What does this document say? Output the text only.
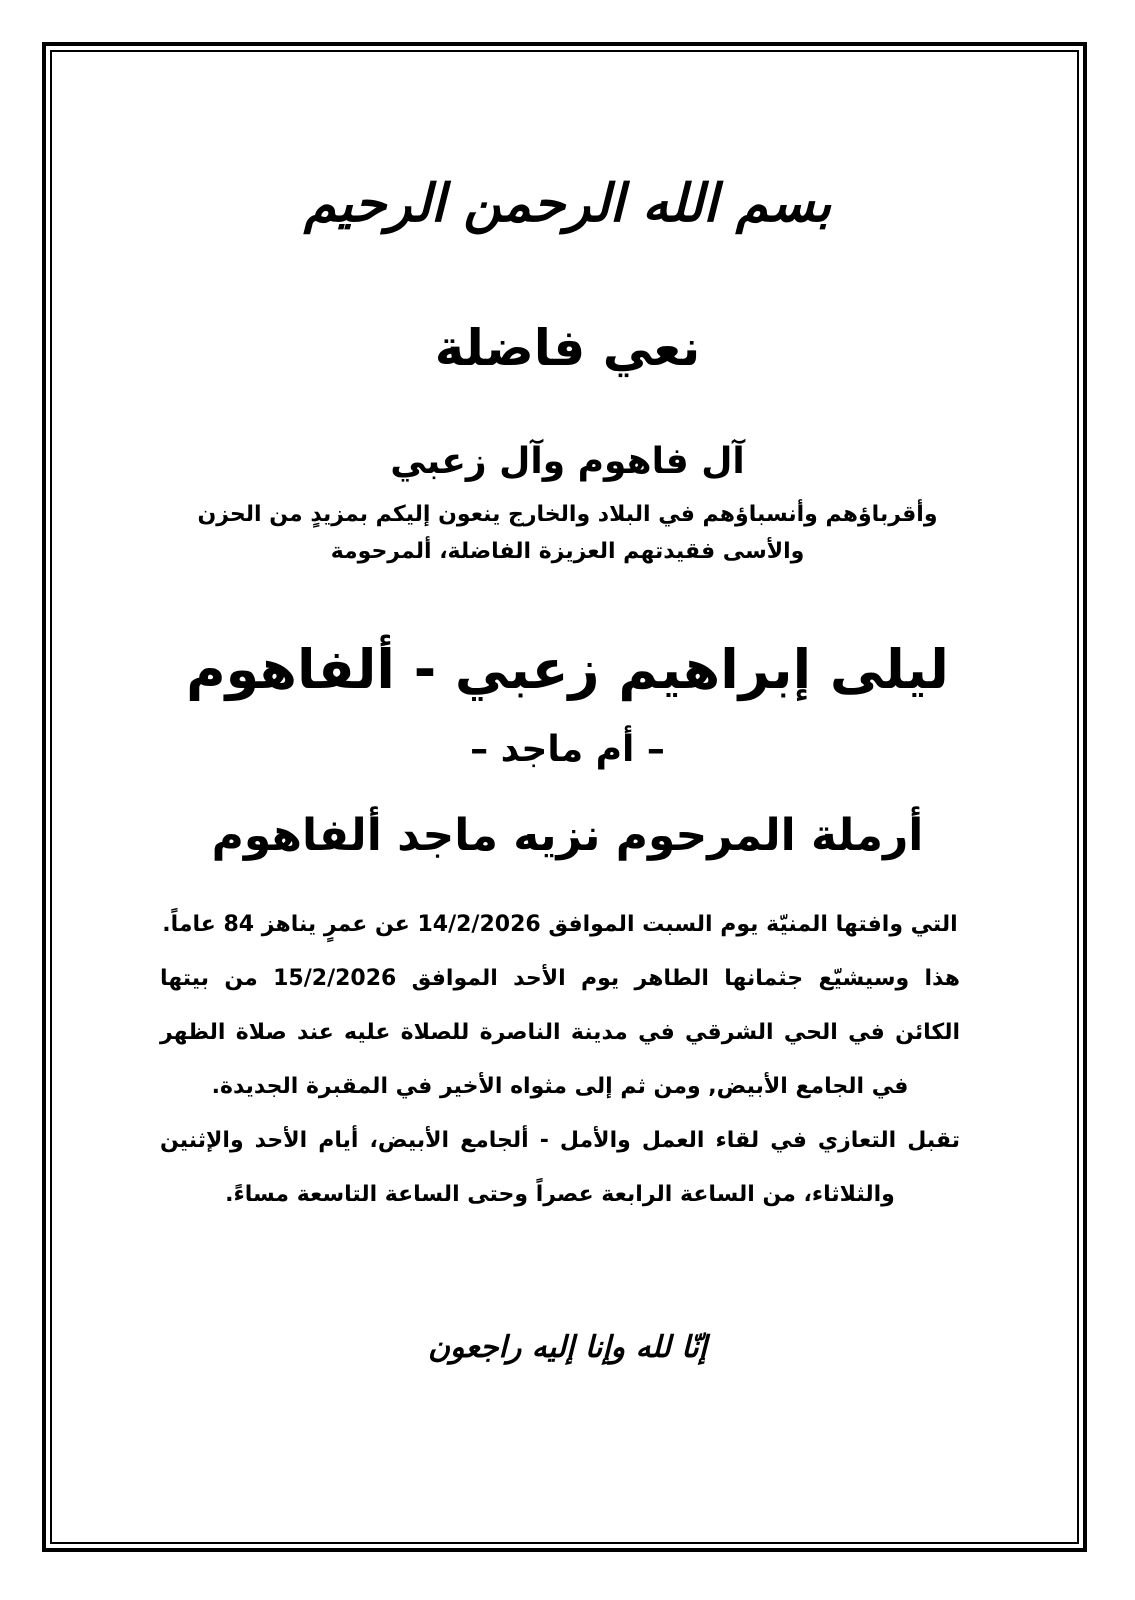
بسم الله الرحمن الرحيم
نعي فاضلة
آل فاهوم وآل زعبي
وأقرباؤهم وأنسباؤهم في البلاد والخارج ينعون إليكم بمزيدٍ من الحزن والأسى فقيدتهم العزيزة الفاضلة، ألمرحومة
ليلى إبراهيم زعبي - ألفاهوم
– أم ماجد –
أرملة المرحوم نزيه ماجد ألفاهوم

التي وافتها المنيّة يوم السبت الموافق 14/2/2026 عن عمرٍ يناهز 84 عاماً.

هذا وسيشيّع جثمانها الطاهر يوم الأحد الموافق 15/2/2026 من بيتها الكائن في الحي الشرقي في مدينة الناصرة للصلاة عليه عند صلاة الظهر في الجامع الأبيض, ومن ثم إلى مثواه الأخير في المقبرة الجديدة.

تقبل التعازي في لقاء العمل والأمل - ألجامع الأبيض، أيام الأحد والإثنين والثلاثاء، من الساعة الرابعة عصراً وحتى الساعة التاسعة مساءً.

إنّا لله وإنا إليه راجعون
